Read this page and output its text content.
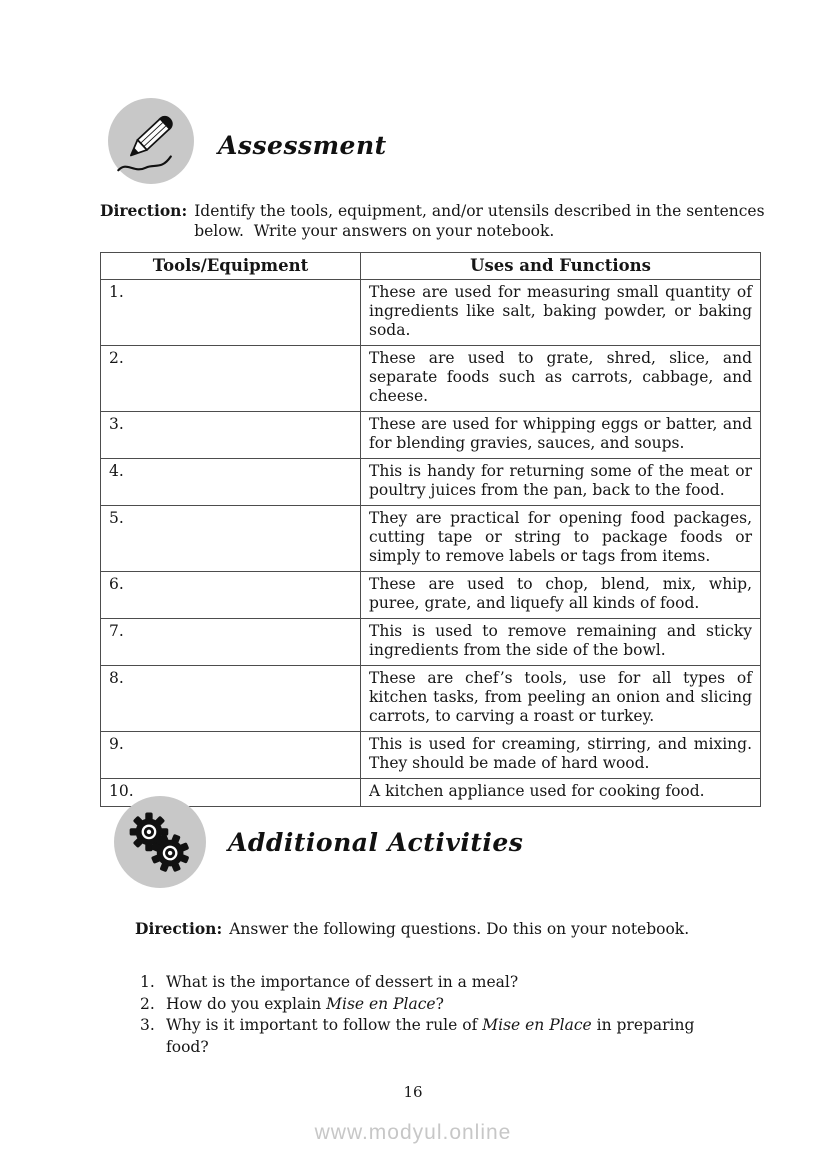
Assessment
Direction: Identify the tools, equipment, and/or utensils described in the sentences
below.  Write your answers on your notebook.
Tools/Equipment	Uses and Functions
1.	These are used for measuring small quantity of ingredients like salt, baking powder, or baking soda.
2.	These are used to grate, shred, slice, and separate foods such as carrots, cabbage, and cheese.
3.	These are used for whipping eggs or batter, and for blending gravies, sauces, and soups.
4.	This is handy for returning some of the meat or poultry juices from the pan, back to the food.
5.	They are practical for opening food packages, cutting tape or string to package foods or simply to remove labels or tags from items.
6.	These are used to chop, blend, mix, whip, puree, grate, and liquefy all kinds of food.
7.	This is used to remove remaining and sticky ingredients from the side of the bowl.
8.	These are chef’s tools, use for all types of kitchen tasks, from peeling an onion and slicing carrots, to carving a roast or turkey.
9.	This is used for creaming, stirring, and mixing. They should be made of hard wood.
10.	A kitchen appliance used for cooking food.
Additional Activities
Direction: Answer the following questions. Do this on your notebook.
1. What is the importance of dessert in a meal?
2. How do you explain Mise en Place?
3. Why is it important to follow the rule of Mise en Place in preparing food?
16
www.modyul.online
